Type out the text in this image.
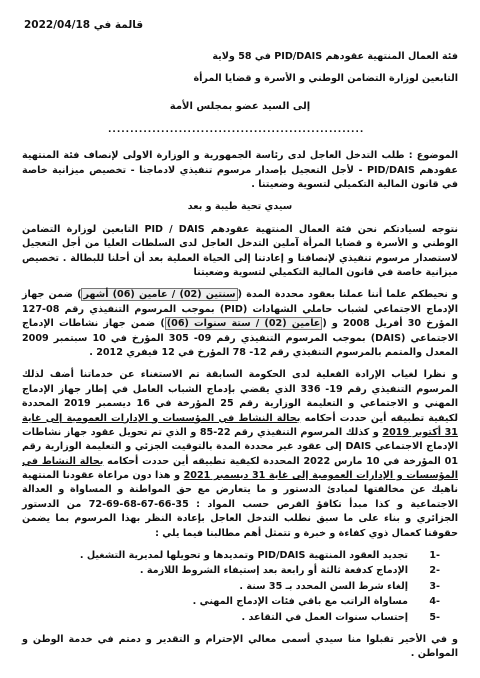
قالمة في 2022/04/18
فئة العمال المنتهية عقودهم PID/DAIS في 58 ولاية
التابعين لوزارة التضامن الوطني و الأسرة و قضايا المرأة
إلى السيد عضو بمجلس الأمة
..........................................................
الموضوع : طلب التدخل العاجل لدى رئاسة الجمهورية و الوزارة الاولى لإنصاف فئة المنتهية عقودهم PID/DAIS - لأجل التعجيل بإصدار مرسوم تنفيذي لادماجنا - تخصيص ميزانية خاصة في قانون المالية التكميلي لتسوية وضعيتنا .
سيدي تحية طيبة و بعد

نتوجه لسيادتكم نحن فئة العمال المنتهية عقودهم PID / DAIS التابعين لوزارة التضامن الوطني و الأسرة و قضايا المرأة آملين التدخل العاجل لدى السلطات العليا من أجل التعجيل لاستصدار مرسوم تنفيذي لإنصافنا و إعادتنا إلى الحياة العملية بعد أن أحلنا للبطالة . تخصيص ميزانية خاصة في قانون المالية التكميلي لتسوية وضعيتنا

و نحيطكم علما أننا عملنا بعقود محددة المدة (سنتين (02) / عامين (06) أشهر) ضمن جهاز الإدماج الاجتماعي لشباب حاملي الشهادات (PID) بموجب المرسوم التنفيذي رقم 08-127 المؤرخ 30 أفريل 2008 و (عامين (02) / ستة سنوات (06)) ضمن جهاز نشاطات الإدماج الاجتماعي (DAIS) بموجب المرسوم التنفيذي رقم 09- 305 المؤرخ في 10 سبتمبر 2009 المعدل والمتمم بالمرسوم التنفيذي رقم 12- 78 المؤرخ في 12 فيفري 2012 .

و نظرا لغياب الإرادة الفعلية لدى الحكومة السابقة تم الاستغناء عن خدماتنا أضف لذلك المرسوم التنفيذي رقم 19- 336 الذي يقضي بإدماج الشباب العامل في إطار جهاز الإدماج المهني و الاجتماعي و التعليمة الوزارية رقم 25 المؤرخة في 16 ديسمبر 2019 المحددة لكيفية تطبيقه أين حددت أحكامه بحالة النشاط في المؤسسات و الإدارات العمومية إلى غاية 31 أكتوبر 2019 و كذلك المرسوم التنفيذي رقم 22-85 و الذي تم تحويل عقود جهاز نشاطات الإدماج الاجتماعي DAIS إلى عقود غير محددة المدة بالتوقيت الجزئي و التعليمة الوزارية رقم 01 المؤرخة في 10 مارس 2022 المحددة لكيفية تطبيقه أين حددت أحكامه بحالة النشاط في المؤسسات و الإدارات العمومية إلى غاية 31 ديسمبر 2021 و هذا دون مراعاة عقودنا المنتهية ناهيك عن مخالفتها لمبادئ الدستور و ما يتعارض مع حق المواطنة و المساواة و العدالة الاجتماعية و كذا مبدأ تكافؤ الفرص حسب المواد : 35-66-67-68-69-72 من الدستور الجزائري و بناء على ما سبق نطلب التدخل العاجل بإعادة النظر بهذا المرسوم بما يضمن حقوقنا كعمال ذوي كفاءة و خبرة و تتمثل أهم مطالبنا فيما يلي :

-1
تجديد العقود المنتهية PID/DAIS وتمديدها و تحويلها لمديرية التشغيل .
-2
الإدماج كدفعة ثالثة أو رابعة بعد إستيفاء الشروط اللازمة .
-3
إلغاء شرط السن المحدد بـ 35 سنة .
-4
مساواة الراتب مع باقي فئات الإدماج المهني .
-5
إحتساب سنوات العمل في التقاعد .

و في الأخير تقبلوا منا سيدي أسمى معالي الإحترام و التقدير و دمتم في خدمة الوطن و المواطن .
